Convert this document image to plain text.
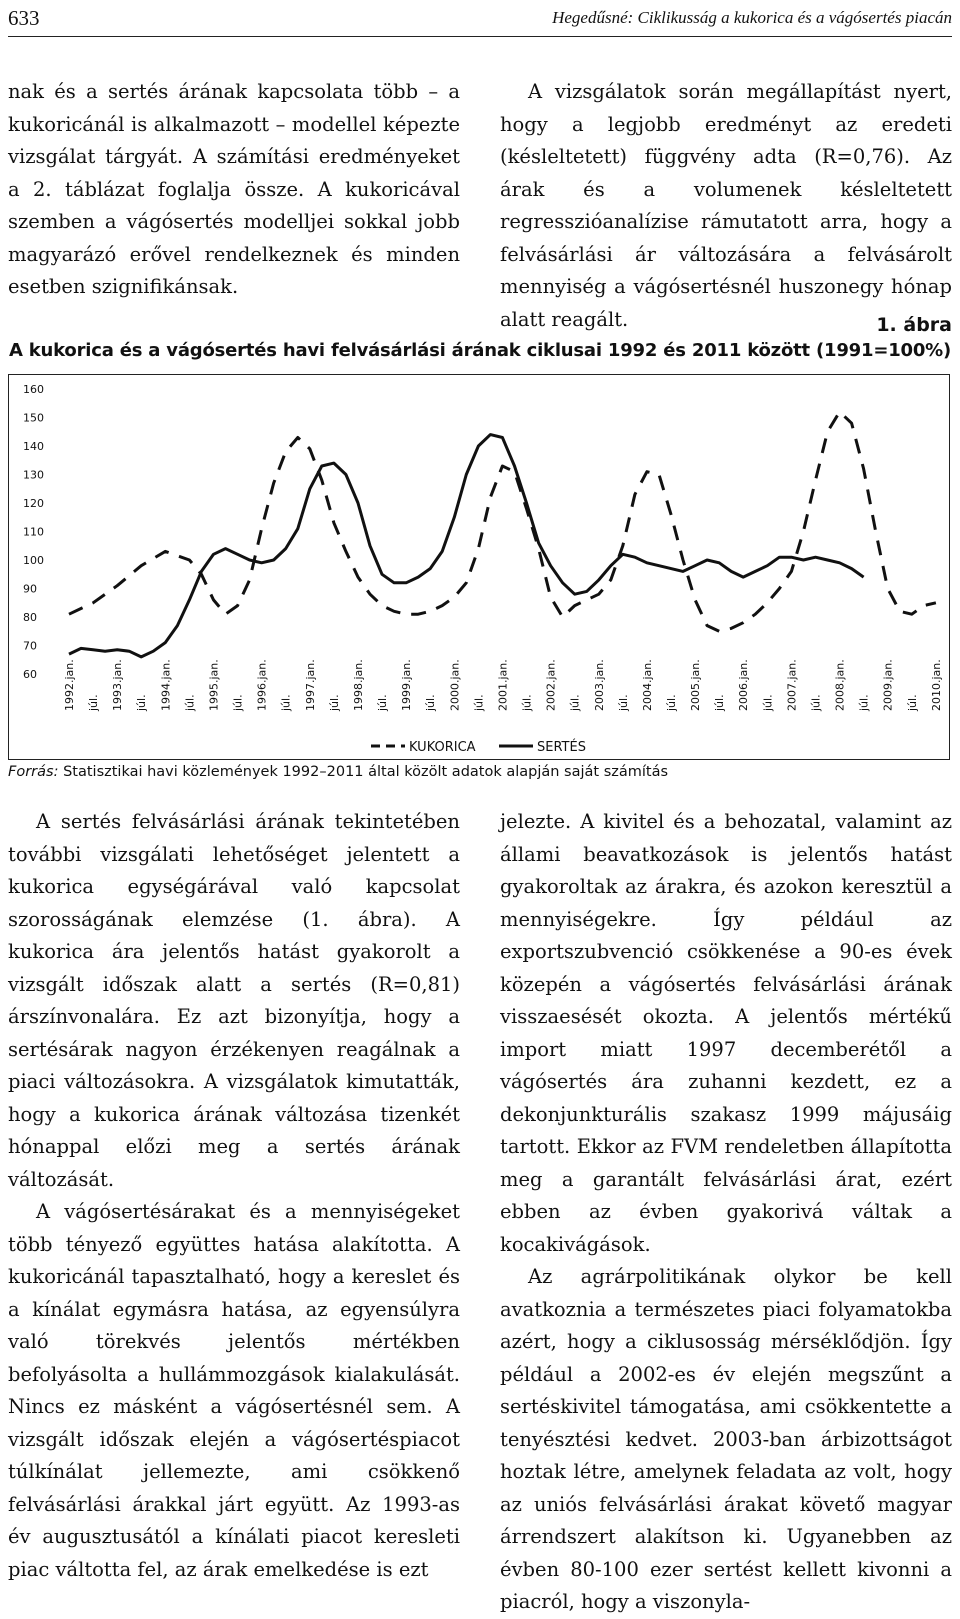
633	Hegedűsné: Ciklikusság a kukorica és a vágósertés piacán

nak és a sertés árának kapcsolata több – a kukoricánál is alkalmazott – modellel képezte vizsgálat tárgyát. A számítási eredményeket a 2. táblázat foglalja össze. A kukoricával szemben a vágósertés modelljei sokkal jobb magyarázó erővel rendelkeznek és minden esetben szignifikánsak.

A vizsgálatok során megállapítást nyert, hogy a legjobb eredményt az eredeti (késleltetett) függvény adta (R=0,76). Az árak és a volumenek késleltetett regresszióanalízise rámutatott arra, hogy a felvásárlási ár változására a felvásárolt mennyiség a vágósertésnél huszonegy hónap alatt reagált.	1. ábra
A kukorica és a vágósertés havi felvásárlási árának ciklusai 1992 és 2011 között (1991=100%)
60
70
80
90
100
110
120
130
140
150
160
1992.jan. júl. 1993.jan. júl. 1994.jan. júl. 1995.jan. júl. 1996.jan. júl. 1997.jan. júl. 1998.jan. júl. 1999.jan. júl. 2000.jan. júl. 2001.jan. júl. 2002.jan. júl. 2003.jan. júl. 2004.jan. júl. 2005.jan. júl. 2006.jan. júl. 2007.jan. júl. 2008.jan. júl. 2009.jan. júl. 2010.jan.
KUKORICA	SERTÉS
Forrás: Statisztikai havi közlemények 1992–2011 által közölt adatok alapján saját számítás

A sertés felvásárlási árának tekintetében további vizsgálati lehetőséget jelentett a kukorica egységárával való kapcsolat szorosságának elemzése (1. ábra). A kukorica ára jelentős hatást gyakorolt a vizsgált időszak alatt a sertés (R=0,81) árszínvonalára. Ez azt bizonyítja, hogy a sertésárak nagyon érzékenyen reagálnak a piaci változásokra. A vizsgálatok kimutatták, hogy a kukorica árának változása tizenkét hónappal előzi meg a sertés árának változását.

A vágósertésárakat és a mennyiségeket több tényező együttes hatása alakította. A kukoricánál tapasztalható, hogy a kereslet és a kínálat egymásra hatása, az egyensúlyra való törekvés jelentős mértékben befolyásolta a hullámmozgások kialakulását. Nincs ez másként a vágósertésnél sem. A vizsgált időszak elején a vágósertéspiacot túlkínálat jellemezte, ami csökkenő felvásárlási árakkal járt együtt. Az 1993-as év augusztusától a kínálati piacot keresleti piac váltotta fel, az árak emelkedése is ezt

jelezte. A kivitel és a behozatal, valamint az állami beavatkozások is jelentős hatást gyakoroltak az árakra, és azokon keresztül a mennyiségekre. Így például az exportszubvenció csökkenése a 90-es évek közepén a vágósertés felvásárlási árának visszaesését okozta. A jelentős mértékű import miatt 1997 decemberétől a vágósertés ára zuhanni kezdett, ez a dekonjunkturális szakasz 1999 májusáig tartott. Ekkor az FVM rendeletben állapította meg a garantált felvásárlási árat, ezért ebben az évben gyakorivá váltak a kocakivágások.

Az agrárpolitikának olykor be kell avatkoznia a természetes piaci folyamatokba azért, hogy a ciklusosság mérséklődjön. Így például a 2002-es év elején megszűnt a sertéskivitel támogatása, ami csökkentette a tenyésztési kedvet. 2003-ban árbizottságot hoztak létre, amelynek feladata az volt, hogy az uniós felvásárlási árakat követő magyar árrendszert alakítson ki. Ugyanebben az évben 80-100 ezer sertést kellett kivonni a piacról, hogy a viszonyla-
